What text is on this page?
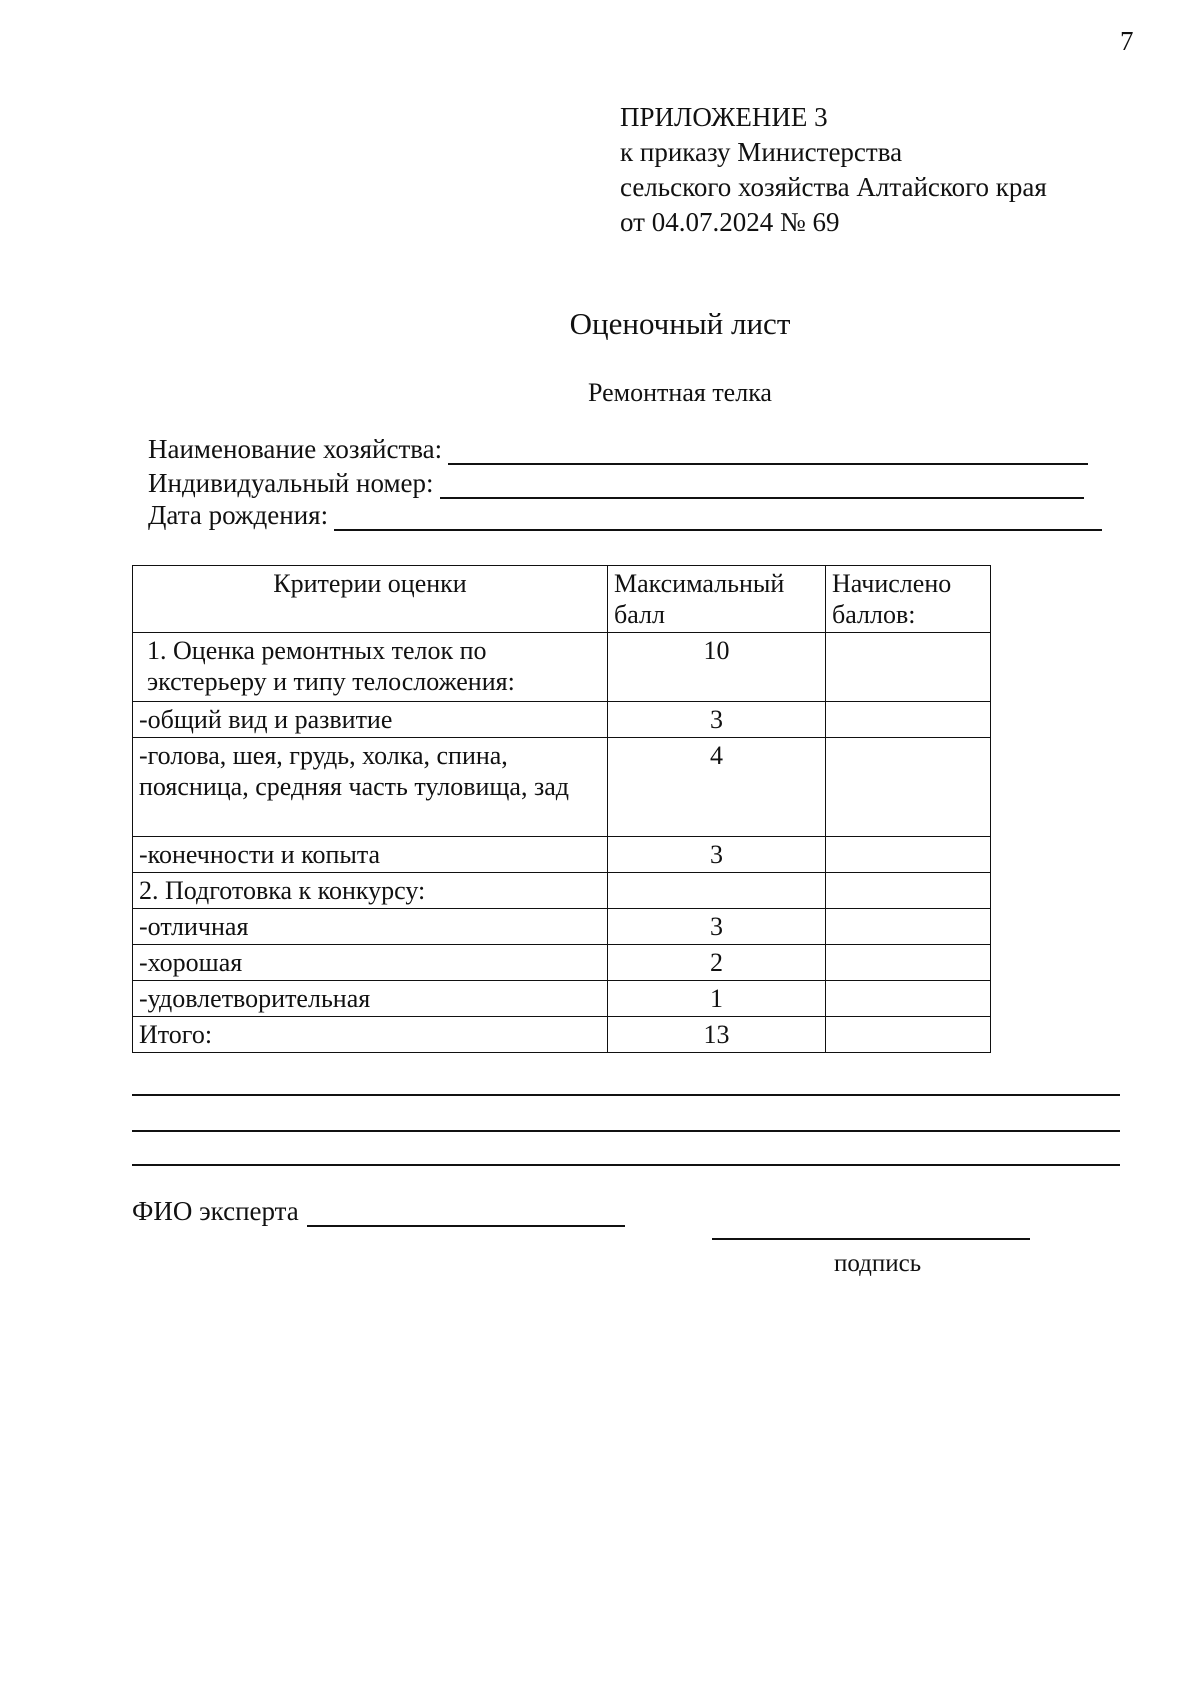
7
ПРИЛОЖЕНИЕ 3
к приказу Министерства
сельского хозяйства Алтайского края
от 04.07.2024 № 69
Оценочный лист
Ремонтная телка
Наименование хозяйства:
Индивидуальный номер:
Дата рождения:
Критерии оценки	Максимальный балл	Начислено баллов:
1. Оценка ремонтных телок по экстерьеру и типу телосложения:	10	
-общий вид и развитие	3	
-голова, шея, грудь, холка, спина, поясница, средняя часть туловища, зад	4	
-конечности и копыта	3	
2. Подготовка к конкурсу:		
-отличная	3	
-хорошая	2	
-удовлетворительная	1	
Итого:	13	
ФИО эксперта
подпись
